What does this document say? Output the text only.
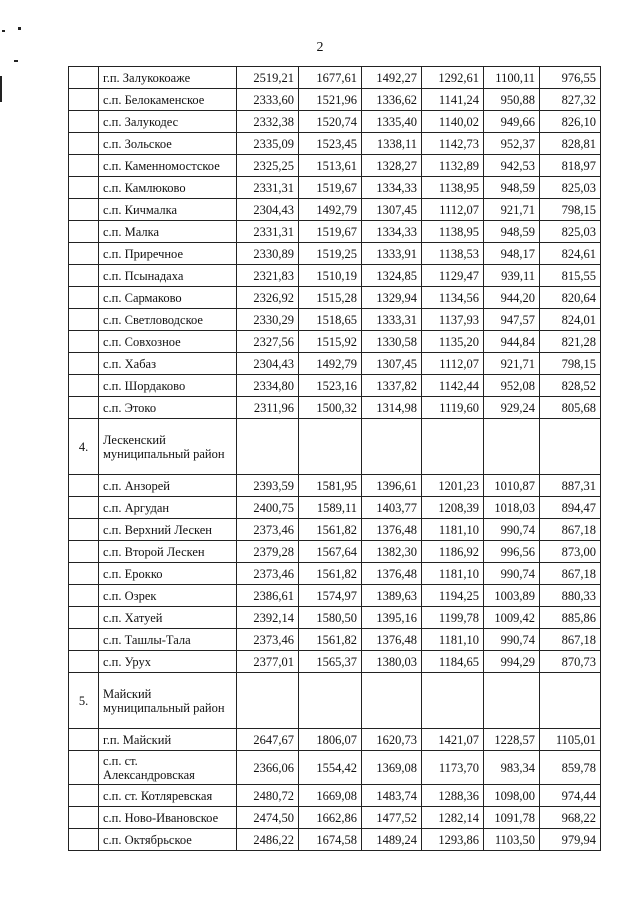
2
	г.п. Залукокоаже	2519,21	1677,61	1492,27	1292,61	1100,11	976,55
	с.п. Белокаменское	2333,60	1521,96	1336,62	1141,24	950,88	827,32
	с.п. Залукодес	2332,38	1520,74	1335,40	1140,02	949,66	826,10
	с.п. Зольское	2335,09	1523,45	1338,11	1142,73	952,37	828,81
	с.п. Каменномостское	2325,25	1513,61	1328,27	1132,89	942,53	818,97
	с.п. Камлюково	2331,31	1519,67	1334,33	1138,95	948,59	825,03
	с.п. Кичмалка	2304,43	1492,79	1307,45	1112,07	921,71	798,15
	с.п. Малка	2331,31	1519,67	1334,33	1138,95	948,59	825,03
	с.п. Приречное	2330,89	1519,25	1333,91	1138,53	948,17	824,61
	с.п. Псынадаха	2321,83	1510,19	1324,85	1129,47	939,11	815,55
	с.п. Сармаково	2326,92	1515,28	1329,94	1134,56	944,20	820,64
	с.п. Светловодское	2330,29	1518,65	1333,31	1137,93	947,57	824,01
	с.п. Совхозное	2327,56	1515,92	1330,58	1135,20	944,84	821,28
	с.п. Хабаз	2304,43	1492,79	1307,45	1112,07	921,71	798,15
	с.п. Шордаково	2334,80	1523,16	1337,82	1142,44	952,08	828,52
	с.п. Этоко	2311,96	1500,32	1314,98	1119,60	929,24	805,68
4.	Лескенский муниципальный район						
	с.п. Анзорей	2393,59	1581,95	1396,61	1201,23	1010,87	887,31
	с.п. Аргудан	2400,75	1589,11	1403,77	1208,39	1018,03	894,47
	с.п. Верхний Лескен	2373,46	1561,82	1376,48	1181,10	990,74	867,18
	с.п. Второй Лескен	2379,28	1567,64	1382,30	1186,92	996,56	873,00
	с.п. Ерокко	2373,46	1561,82	1376,48	1181,10	990,74	867,18
	с.п. Озрек	2386,61	1574,97	1389,63	1194,25	1003,89	880,33
	с.п. Хатуей	2392,14	1580,50	1395,16	1199,78	1009,42	885,86
	с.п. Ташлы-Тала	2373,46	1561,82	1376,48	1181,10	990,74	867,18
	с.п. Урух	2377,01	1565,37	1380,03	1184,65	994,29	870,73
5.	Майский муниципальный район						
	г.п. Майский	2647,67	1806,07	1620,73	1421,07	1228,57	1105,01
	с.п. ст. Александровская	2366,06	1554,42	1369,08	1173,70	983,34	859,78
	с.п. ст. Котляревская	2480,72	1669,08	1483,74	1288,36	1098,00	974,44
	с.п. Ново-Ивановское	2474,50	1662,86	1477,52	1282,14	1091,78	968,22
	с.п. Октябрьское	2486,22	1674,58	1489,24	1293,86	1103,50	979,94
